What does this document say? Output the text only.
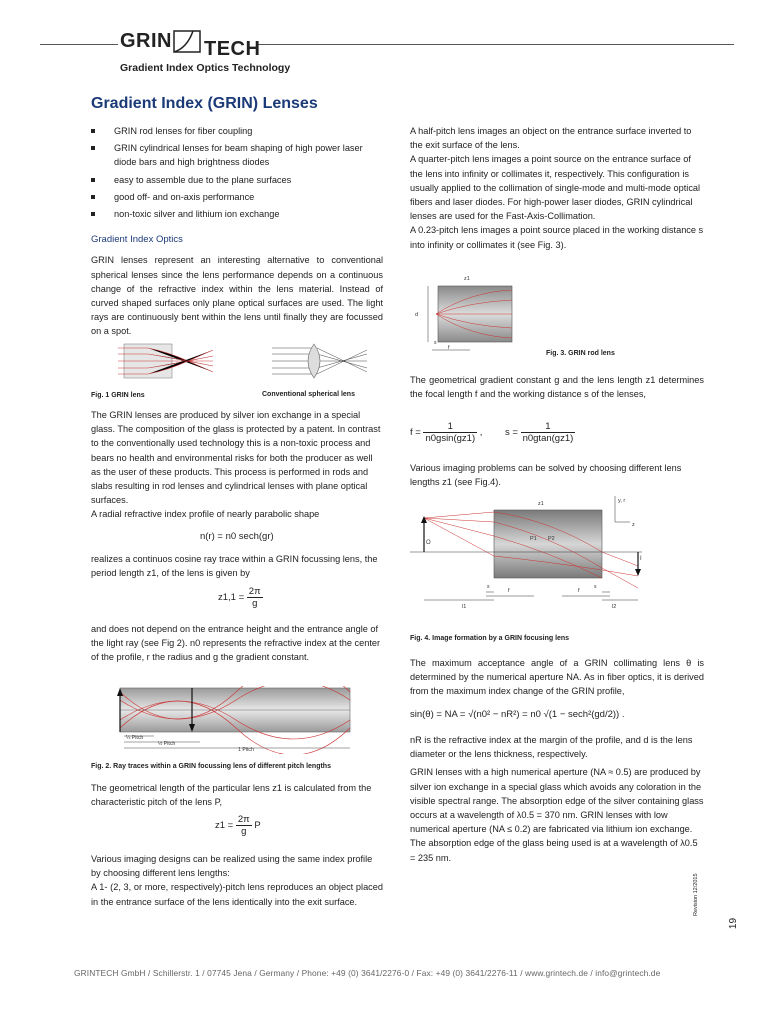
GRIN TECH
Gradient Index Optics Technology
Gradient Index (GRIN) Lenses
GRIN rod lenses for fiber coupling
GRIN cylindrical lenses for beam shaping of high power laser diode bars and high brightness diodes
easy to assemble due to the plane surfaces
good off- and on-axis performance
non-toxic silver and lithium ion exchange

Gradient Index Optics

GRIN lenses represent an interesting alternative to conventional spherical lenses since the lens performance depends on a continuous change of the refractive index within the lens material. Instead of curved shaped surfaces only plane optical surfaces are used. The light rays are continuously bent within the lens until finally they are focussed on a spot.

Fig. 1 GRIN lens	Conventional spherical lens

The GRIN lenses are produced by silver ion exchange in a special glass. The composition of the glass is protected by a patent. In contrast to the conventionally used technology this is a non-toxic process and bears no health and environmental risks for both the producer as well as the user of these products. This process is performed in rods and slabs resulting in rod lenses and cylindrical lenses with plane optical surfaces.

A radial refractive index profile of nearly parabolic shape

n(r) = n0 sech(gr)

realizes a continuos cosine ray trace within a GRIN focussing lens, the period length z1, of the lens is given by

$z1,1 = \frac{2\pi}{g}$

and does not depend on the entrance height and the entrance angle of the light ray (see Fig 2). n0 represents the refractive index at the center of the profile, r the radius and g the gradient constant.

¼ Pitch
½ Pitch
1 Pitch
Fig. 2. Ray traces within a GRIN focussing lens of different pitch lengths

The geometrical length of the particular lens z1 is calculated from the characteristic pitch of the lens P,

$z1 = \frac{2\pi}{g}$ P

Various imaging designs can be realized using the same index profile by choosing different lens lengths:

A 1- (2, 3, or more, respectively)-pitch lens reproduces an object placed in the entrance surface of the lens identically into the exit surface.

A half-pitch lens images an object on the entrance surface inverted to the exit surface of the lens.

A quarter-pitch lens images a point source on the entrance surface of the lens into infinity or collimates it, respectively. This configuration is usually applied to the collimation of single-mode and multi-mode optical fibers and laser diodes. For high-power laser diodes, GRIN cylindrical lenses are used for the Fast-Axis-Collimation.

A 0.23-pitch lens images a point source placed in the working distance s into infinity or collimates it (see Fig. 3).

z1
d
s
f
Fig. 3. GRIN rod lens

The geometrical gradient constant g and the lens length z1 determines the focal length f and the working distance s of the lenses,

$f = \frac{1}{n0gsin(gz1)}$ , $s = \frac{1}{n0gtan(gz1)}$

Various imaging problems can be solved by choosing different lens lengths z1 (see Fig.4).

z1	y, r
z
P1 P2
O
I
s
f	f
s
l1	l2
Fig. 4. Image formation by a GRIN focusing lens

The maximum acceptance angle of a GRIN collimating lens θ is determined by the numerical aperture NA. As in fiber optics, it is derived from the maximum index change of the GRIN profile,

sin(θ) = NA = √(n0² − nR²) = n0 √(1 − sech²(gd/2)) .

nR is the refractive index at the margin of the profile, and d is the lens diameter or the lens thickness, respectively.

GRIN lenses with a high numerical aperture (NA ≈ 0.5) are produced by silver ion exchange in a special glass which avoids any coloration in the visible spectral range. The absorption edge of the silver containing glass occurs at a wavelength of λ0.5 = 370 nm. GRIN lenses with low numerical aperture (NA ≤ 0.2) are fabricated via lithium ion exchange. The absorption edge of the glass being used is at a wavelength of λ0.5 = 235 nm.

Revision 12/2015
19
GRINTECH GmbH / Schillerstr. 1 / 07745 Jena / Germany / Phone: +49 (0) 3641/2276-0 / Fax: +49 (0) 3641/2276-11 / www.grintech.de / info@grintech.de
